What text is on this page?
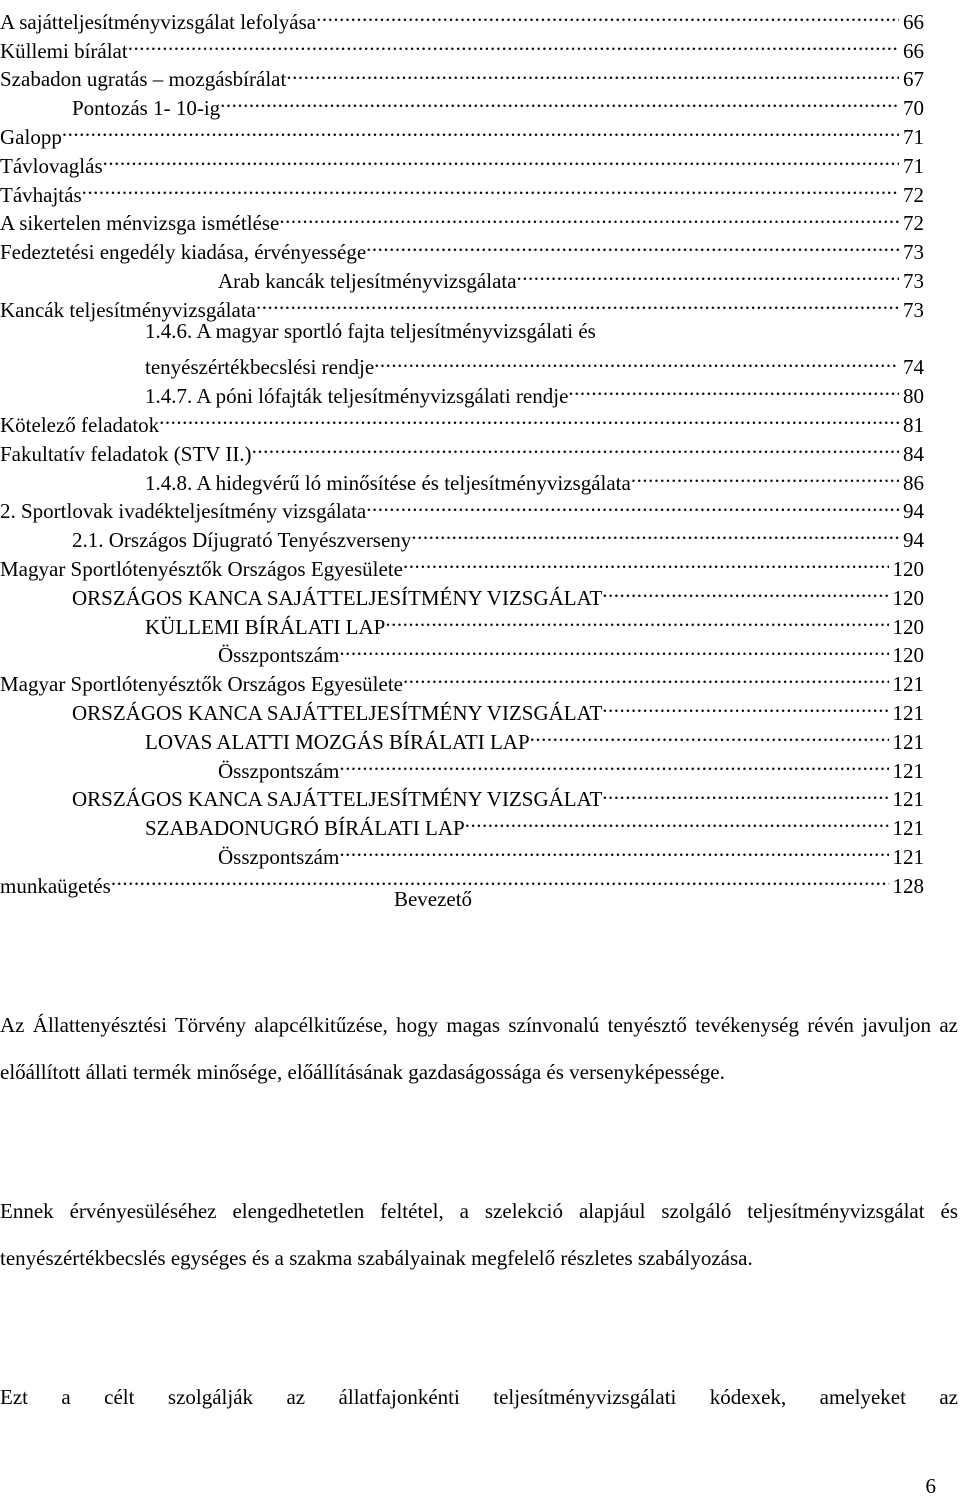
A sajátteljesítményvizsgálat lefolyása .....	66
Küllemi bírálat .....	66
Szabadon ugratás – mozgásbírálat .....	67
Pontozás 1- 10-ig .....	70
Galopp .....	71
Távlovaglás .....	71
Távhajtás .....	72
A sikertelen ménvizsga ismétlése .....	72
Fedeztetési engedély kiadása, érvényessége .....	73
Arab kancák teljesítményvizsgálata .....	73
Kancák teljesítményvizsgálata .....	73
1.4.6. A magyar sportló fajta teljesítményvizsgálati és
tenyészértékbecslési rendje .....	74
1.4.7. A póni lófajták teljesítményvizsgálati rendje .....	80
Kötelező feladatok .....	81
Fakultatív feladatok (STV II.) .....	84
1.4.8. A hidegvérű ló minősítése és teljesítményvizsgálata .....	86
2. Sportlovak ivadékteljesítmény vizsgálata .....	94
2.1. Országos Díjugrató Tenyészverseny .....	94
Magyar Sportlótenyésztők Országos Egyesülete .....	120
ORSZÁGOS KANCA SAJÁTTELJESÍTMÉNY VIZSGÁLAT .....	120
KÜLLEMI BÍRÁLATI LAP .....	120
Összpontszám .....	120
Magyar Sportlótenyésztők Országos Egyesülete .....	121
ORSZÁGOS KANCA SAJÁTTELJESÍTMÉNY VIZSGÁLAT .....	121
LOVAS ALATTI MOZGÁS BÍRÁLATI LAP .....	121
Összpontszám .....	121
ORSZÁGOS KANCA SAJÁTTELJESÍTMÉNY VIZSGÁLAT .....	121
SZABADONUGRÓ BÍRÁLATI LAP .....	121
Összpontszám .....	121
munkaügetés .....	128
Bevezető

Az Állattenyésztési Törvény alapcélkitűzése, hogy magas színvonalú tenyésztő tevékenység révén javuljon az előállított állati termék minősége, előállításának gazdaságossága és versenyképessége.

Ennek érvényesüléséhez elengedhetetlen feltétel, a szelekció alapjául szolgáló teljesítményvizsgálat és tenyészértékbecslés egységes és a szakma szabályainak megfelelő részletes szabályozása.

Ezt a célt szolgálják az állatfajonkénti teljesítményvizsgálati kódexek, amelyeket az

6
